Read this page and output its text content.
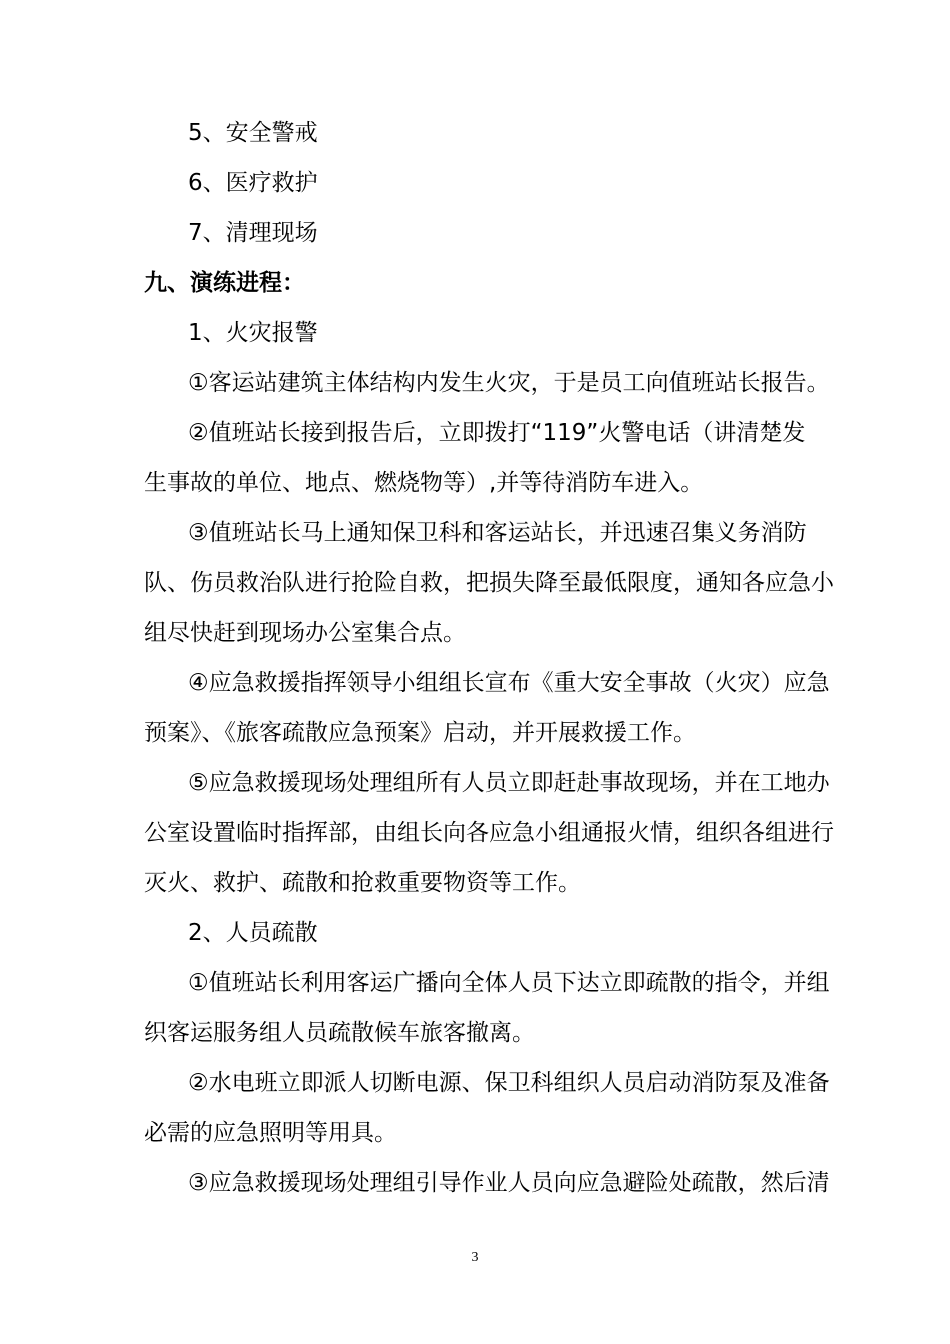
5、安全警戒
6、医疗救护
7、清理现场
九、演练进程：
1、火灾报警
①客运站建筑主体结构内发生火灾，于是员工向值班站长报告。
②值班站长接到报告后，立即拨打“119”火警电话（讲清楚发
生事故的单位、地点、燃烧物等）,并等待消防车进入。
③值班站长马上通知保卫科和客运站长，并迅速召集义务消防
队、伤员救治队进行抢险自救，把损失降至最低限度，通知各应急小
组尽快赶到现场办公室集合点。
④应急救援指挥领导小组组长宣布《重大安全事故（火灾）应急
预案》、《旅客疏散应急预案》启动，并开展救援工作。
⑤应急救援现场处理组所有人员立即赶赴事故现场，并在工地办
公室设置临时指挥部，由组长向各应急小组通报火情，组织各组进行
灭火、救护、疏散和抢救重要物资等工作。
2、人员疏散
①值班站长利用客运广播向全体人员下达立即疏散的指令，并组
织客运服务组人员疏散候车旅客撤离。
②水电班立即派人切断电源、保卫科组织人员启动消防泵及准备
必需的应急照明等用具。
③应急救援现场处理组引导作业人员向应急避险处疏散，然后清
3
